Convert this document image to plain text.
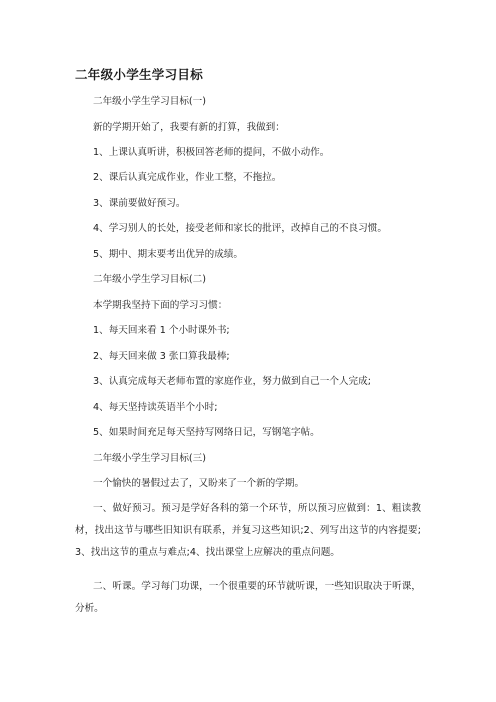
二年级小学生学习目标
二年级小学生学习目标(一)
新的学期开始了，我要有新的打算，我做到：
1、上课认真听讲，积极回答老师的提问，不做小动作。
2、课后认真完成作业，作业工整，不拖拉。
3、课前要做好预习。
4、学习别人的长处，接受老师和家长的批评，改掉自己的不良习惯。
5、期中、期末要考出优异的成绩。
二年级小学生学习目标(二)
本学期我坚持下面的学习习惯：
1、每天回来看 1 个小时课外书;
2、每天回来做 3 张口算我最棒;
3、认真完成每天老师布置的家庭作业，努力做到自己一个人完成;
4、每天坚持读英语半个小时;
5、如果时间充足每天坚持写网络日记，写钢笔字帖。
二年级小学生学习目标(三)
一个愉快的暑假过去了，又盼来了一个新的学期。
一、做好预习。预习是学好各科的第一个环节，所以预习应做到：1、粗读教材，找出这节与哪些旧知识有联系，并复习这些知识;2、列写出这节的内容提要;3、找出这节的重点与难点;4、找出课堂上应解决的重点问题。
二、听课。学习每门功课，一个很重要的环节就听课，一些知识取决于听课，分析。
